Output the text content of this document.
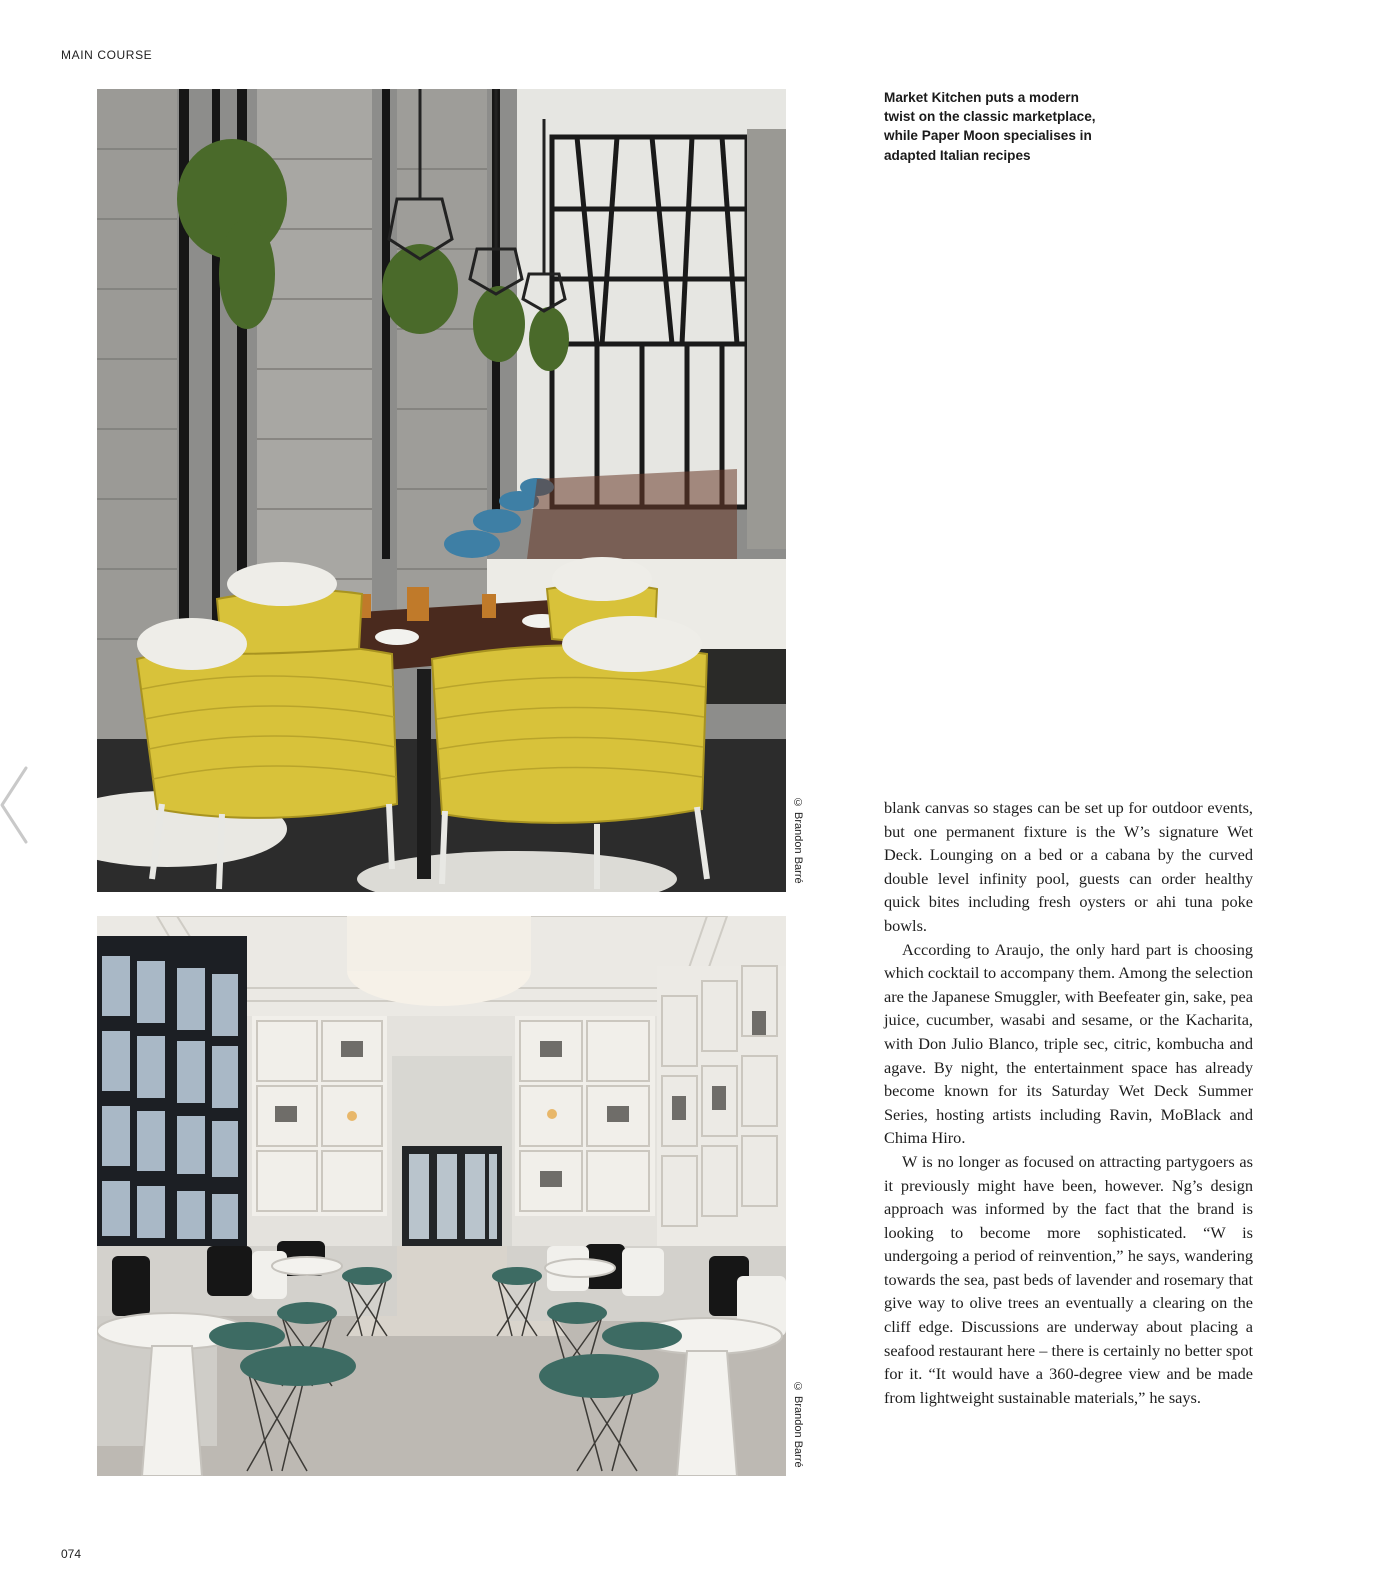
MAIN COURSE
© Brandon Barré
© Brandon Barré
Market Kitchen puts a modern twist on the classic marketplace, while Paper Moon specialises in adapted Italian recipes

blank canvas so stages can be set up for outdoor events, but one permanent fixture is the W’s signature Wet Deck. Lounging on a bed or a cabana by the curved double level infinity pool, guests can order healthy quick bites including fresh oysters or ahi tuna poke bowls.

According to Araujo, the only hard part is choosing which cocktail to accompany them. Among the selection are the Japanese Smuggler, with Beefeater gin, sake, pea juice, cucumber, wasabi and sesame, or the Kacharita, with Don Julio Blanco, triple sec, citric, kombucha and agave. By night, the entertainment space has already become known for its Saturday Wet Deck Summer Series, hosting artists including Ravin, MoBlack and Chima Hiro.

W is no longer as focused on attracting partygoers as it previously might have been, however. Ng’s design approach was informed by the fact that the brand is looking to become more sophisticated. “W is undergoing a period of reinvention,” he says, wandering towards the sea, past beds of lavender and rosemary that give way to olive trees an eventually a clearing on the cliff edge. Discussions are underway about placing a seafood restaurant here – there is certainly no better spot for it. “It would have a 360-degree view and be made from lightweight sustainable materials,” he says.

074
